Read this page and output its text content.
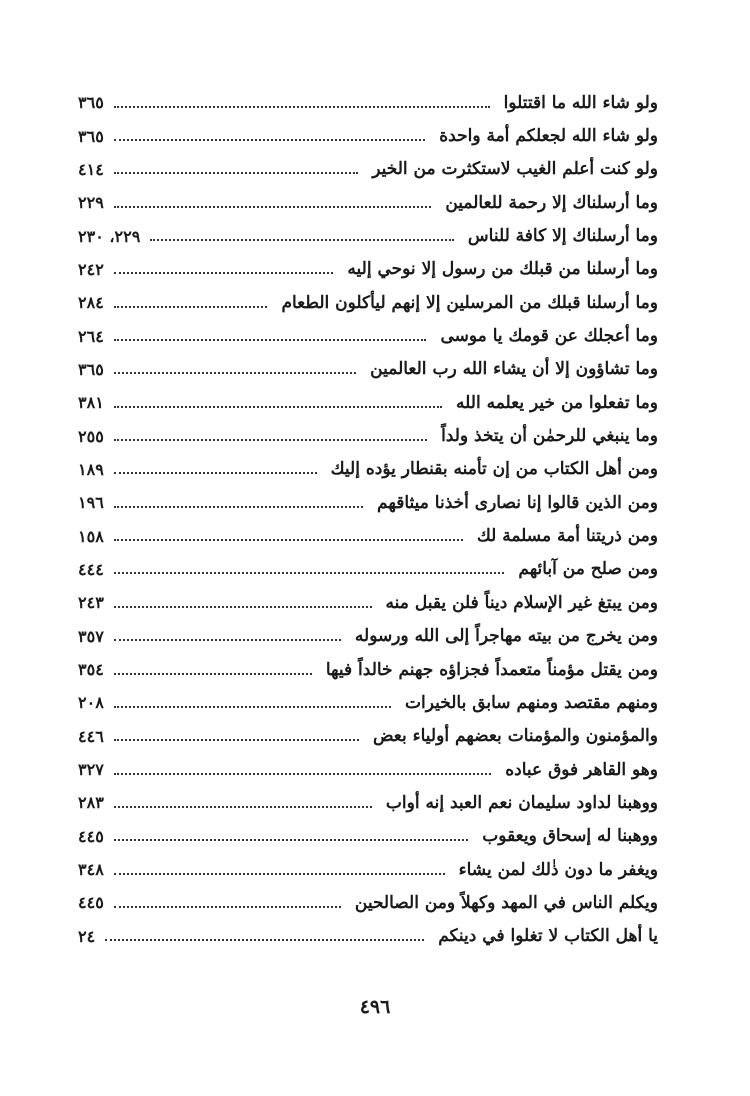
ولو شاء الله ما اقتتلوا
٣٦٥
ولو شاء الله لجعلكم أمة واحدة
٣٦٥
ولو كنت أعلم الغيب لاستكثرت من الخير
٤١٤
وما أرسلناك إلا رحمة للعالمين
٢٢٩
وما أرسلناك إلا كافة للناس
٢٢٩، ٢٣٠
وما أرسلنا من قبلك من رسول إلا نوحي إليه
٢٤٢
وما أرسلنا قبلك من المرسلين إلا إنهم ليأكلون الطعام
٢٨٤
وما أعجلك عن قومك يا موسى
٢٦٤
وما تشاؤون إلا أن يشاء الله رب العالمين
٣٦٥
وما تفعلوا من خير يعلمه الله
٣٨١
وما ينبغي للرحمٰن أن يتخذ ولداً
٢٥٥
ومن أهل الكتاب من إن تأمنه بقنطار يؤده إليك
١٨٩
ومن الذين قالوا إنا نصارى أخذنا ميثاقهم
١٩٦
ومن ذريتنا أمة مسلمة لك
١٥٨
ومن صلح من آبائهم
٤٤٤
ومن يبتغ غير الإسلام ديناً فلن يقبل منه
٢٤٣
ومن يخرج من بيته مهاجراً إلى الله ورسوله
٣٥٧
ومن يقتل مؤمناً متعمداً فجزاؤه جهنم خالداً فيها
٣٥٤
ومنهم مقتصد ومنهم سابق بالخيرات
٢٠٨
والمؤمنون والمؤمنات بعضهم أولياء بعض
٤٤٦
وهو القاهر فوق عباده
٣٢٧
ووهبنا لداود سليمان نعم العبد إنه أواب
٢٨٣
ووهبنا له إسحاق ويعقوب
٤٤٥
ويغفر ما دون ذٰلك لمن يشاء
٣٤٨
ويكلم الناس في المهد وكهلاً ومن الصالحين
٤٤٥
يا أهل الكتاب لا تغلوا في دينكم
٢٤
٤٩٦
